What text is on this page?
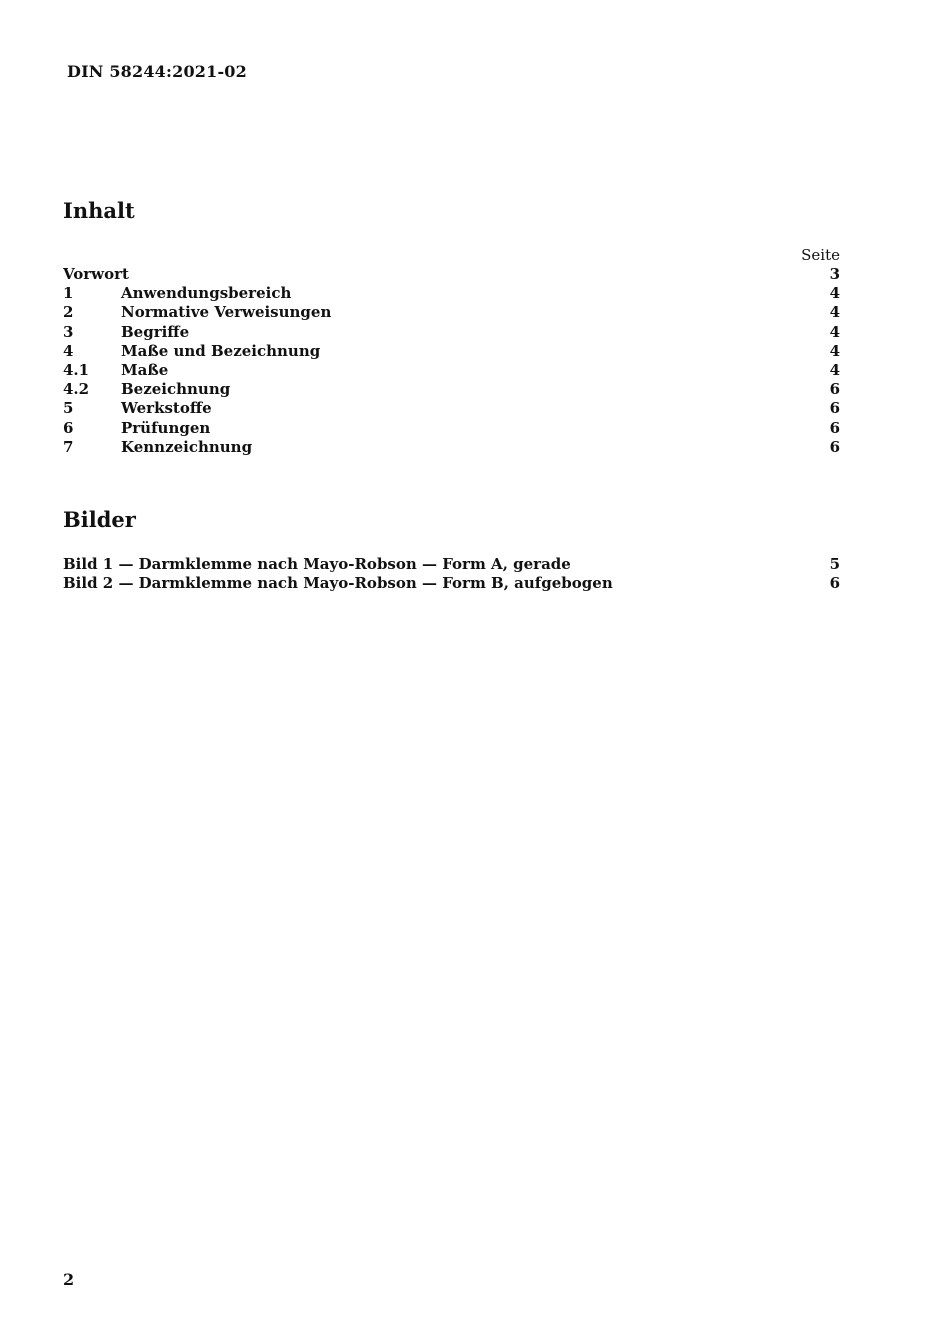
DIN 58244:2021-02
Inhalt
Seite
Vorwort	3
1	Anwendungsbereich	4
2	Normative Verweisungen	4
3	Begriffe	4
4	Maße und Bezeichnung	4
4.1	Maße	4
4.2	Bezeichnung	6
5	Werkstoffe	6
6	Prüfungen	6
7	Kennzeichnung	6
Bilder
Bild 1 — Darmklemme nach Mayo-Robson — Form A, gerade	5
Bild 2 — Darmklemme nach Mayo-Robson — Form B, aufgebogen	6
2
